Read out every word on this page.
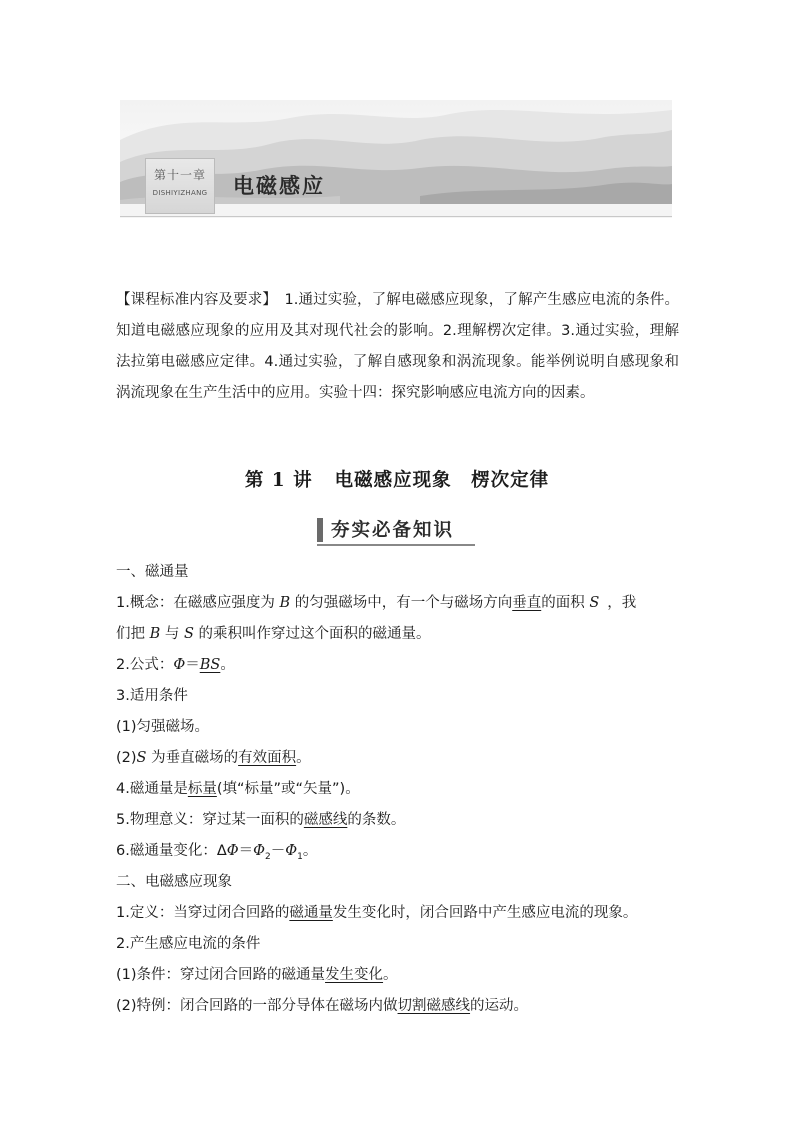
第十一章
DISHIYIZHANG	电磁感应
【课程标准内容及要求】　1.通过实验，了解电磁感应现象，了解产生感应电流的条件。知道电磁感应现象的应用及其对现代社会的影响。2.理解楞次定律。3.通过实验，理解法拉第电磁感应定律。4.通过实验，了解自感现象和涡流现象。能举例说明自感现象和涡流现象在生产生活中的应用。实验十四：探究影响感应电流方向的因素。
第 1 讲 电磁感应现象　楞次定律
夯实必备知识
一、磁通量
1.概念：在磁感应强度为 B 的匀强磁场中，有一个与磁场方向垂直的面积 S ，我
们把 B 与 S 的乘积叫作穿过这个面积的磁通量。
2.公式：Φ＝BS。
3.适用条件
(1)匀强磁场。
(2)S 为垂直磁场的有效面积。
4.磁通量是标量(填“标量”或“矢量”)。
5.物理意义：穿过某一面积的磁感线的条数。
6.磁通量变化：$\Delta\Phi=\Phi_2-\Phi_1$。
二、电磁感应现象
1.定义：当穿过闭合回路的磁通量发生变化时，闭合回路中产生感应电流的现象。
2.产生感应电流的条件
(1)条件：穿过闭合回路的磁通量发生变化。
(2)特例：闭合回路的一部分导体在磁场内做切割磁感线的运动。
